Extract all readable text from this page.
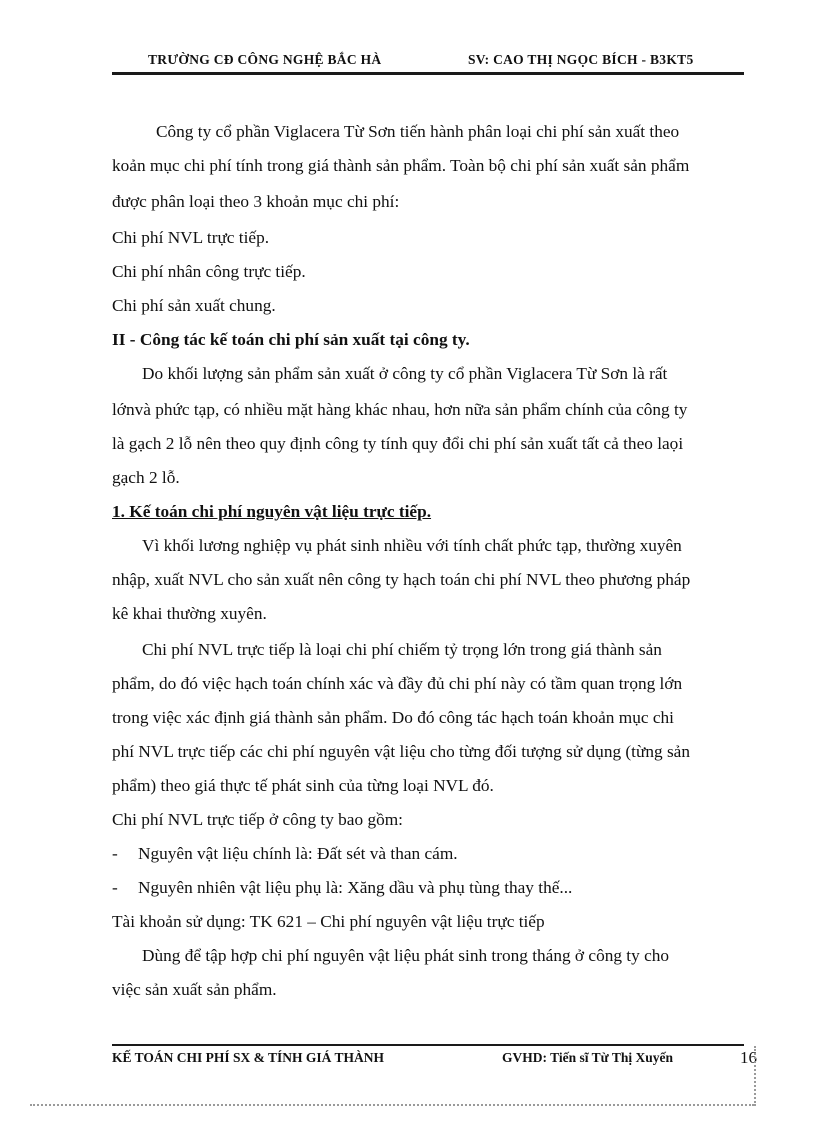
TRƯỜNG CĐ CÔNG NGHỆ BẮC HÀ	SV: CAO THỊ NGỌC BÍCH - B3KT5
Công ty cổ phần Viglacera Từ Sơn tiến hành phân loại chi phí sản xuất theo
koản mục chi phí tính trong giá thành sản phẩm. Toàn bộ chi phí sản xuất sản phẩm
được phân loại theo 3 khoản mục chi phí:
Chi phí NVL trực tiếp.
Chi phí nhân công trực tiếp.
Chi phí sản xuất chung.
II - Công tác kế toán chi phí sản xuất tại công ty.
Do khối lượng sản phẩm sản xuất ở công ty cổ phần Viglacera Từ Sơn là rất
lớnvà phức tạp, có nhiều mặt hàng khác nhau, hơn nữa sản phẩm chính của công ty
là gạch 2 lỗ nên theo quy định công ty tính quy đổi chi phí sản xuất tất cả theo laọi
gạch 2 lỗ.
1. Kế toán chi phí nguyên vật liệu trực tiếp.
Vì khối lương nghiệp vụ phát sinh nhiều với tính chất phức tạp, thường xuyên
nhập, xuất NVL cho sản xuất nên công ty hạch toán chi phí NVL theo phương pháp
kê khai thường xuyên.
Chi phí NVL trực tiếp là loại chi phí chiếm tỷ trọng lớn trong giá thành sản
phẩm, do đó việc hạch toán chính xác và đầy đủ chi phí này có tầm quan trọng lớn
trong việc xác định giá thành sản phẩm. Do đó công tác hạch toán khoản mục chi
phí NVL trực tiếp các chi phí nguyên vật liệu cho từng đối tượng sử dụng (từng sản
phẩm) theo giá thực tế phát sinh của từng loại NVL đó.
Chi phí NVL trực tiếp ở công ty bao gồm:
- Nguyên vật liệu chính là: Đất sét và than cám.
- Nguyên nhiên vật liệu phụ là: Xăng dầu và phụ tùng thay thế...
Tài khoản sử dụng: TK 621 – Chi phí nguyên vật liệu trực tiếp
Dùng để tập hợp chi phí nguyên vật liệu phát sinh trong tháng ở công ty cho
việc sản xuất sản phẩm.
KẾ TOÁN CHI PHÍ SX & TÍNH GIÁ THÀNH	GVHD: Tiến sĩ Từ Thị Xuyến	16
